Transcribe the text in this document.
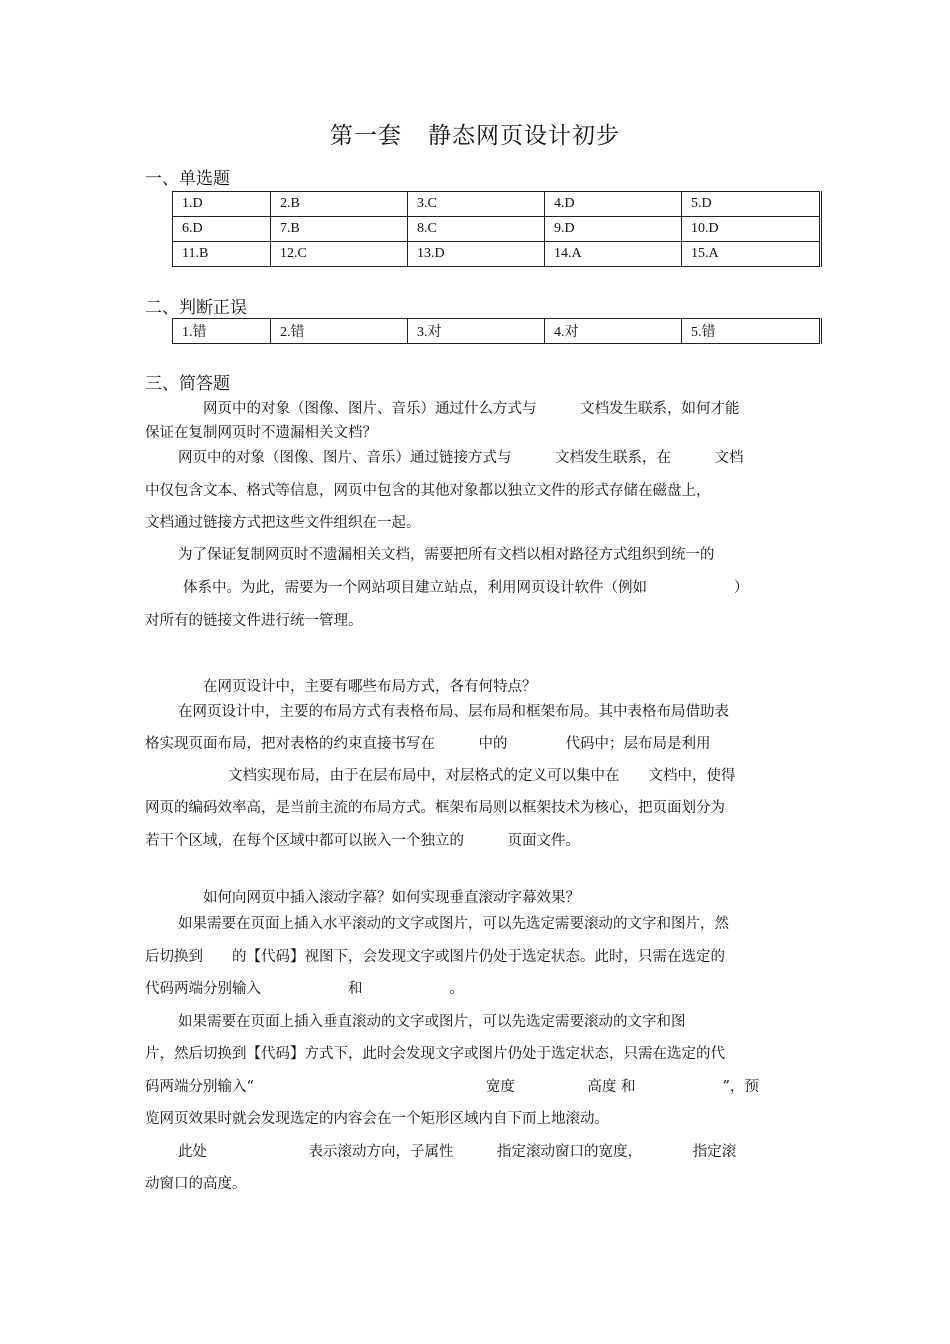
第一套 静态网页设计初步
一、单选题
1.D	2.B	3.C	4.D	5.D
6.D	7.B	8.C	9.D	10.D
11.B	12.C	13.D	14.A	15.A
二、判断正误
1.错	2.错	3.对	4.对	5.错
三、简答题
网页中的对象（图像、图片、音乐）通过什么方式与　　　文档发生联系，如何才能
保证在复制网页时不遗漏相关文档？
网页中的对象（图像、图片、音乐）通过链接方式与　　　文档发生联系，在　　　文档
中仅包含文本、格式等信息，网页中包含的其他对象都以独立文件的形式存储在磁盘上，
文档通过链接方式把这些文件组织在一起。
为了保证复制网页时不遗漏相关文档，需要把所有文档以相对路径方式组织到统一的
体系中。为此，需要为一个网站项目建立站点，利用网页设计软件（例如　　　　　　）
对所有的链接文件进行统一管理。
在网页设计中，主要有哪些布局方式，各有何特点？
在网页设计中，主要的布局方式有表格布局、层布局和框架布局。其中表格布局借助表
格实现页面布局，把对表格的约束直接书写在　　　中的　　　　代码中；层布局是利用
文档实现布局，由于在层布局中，对层格式的定义可以集中在　　文档中，使得
网页的编码效率高，是当前主流的布局方式。框架布局则以框架技术为核心，把页面划分为
若干个区域，在每个区域中都可以嵌入一个独立的　　　页面文件。
如何向网页中插入滚动字幕？如何实现垂直滚动字幕效果？
如果需要在页面上插入水平滚动的文字或图片，可以先选定需要滚动的文字和图片，然
后切换到　　的【代码】视图下，会发现文字或图片仍处于选定状态。此时，只需在选定的
代码两端分别输入　　　　　　和　　　　　　。
如果需要在页面上插入垂直滚动的文字或图片，可以先选定需要滚动的文字和图
片，然后切换到【代码】方式下，此时会发现文字或图片仍处于选定状态，只需在选定的代
码两端分别输入“　　　　　　　　　　　　　　　　宽度　　　　　高度 和　　　　　　”，预
览网页效果时就会发现选定的内容会在一个矩形区域内自下而上地滚动。
此处　　　　　　　表示滚动方向，子属性　　　指定滚动窗口的宽度，　　　　指定滚
动窗口的高度。
